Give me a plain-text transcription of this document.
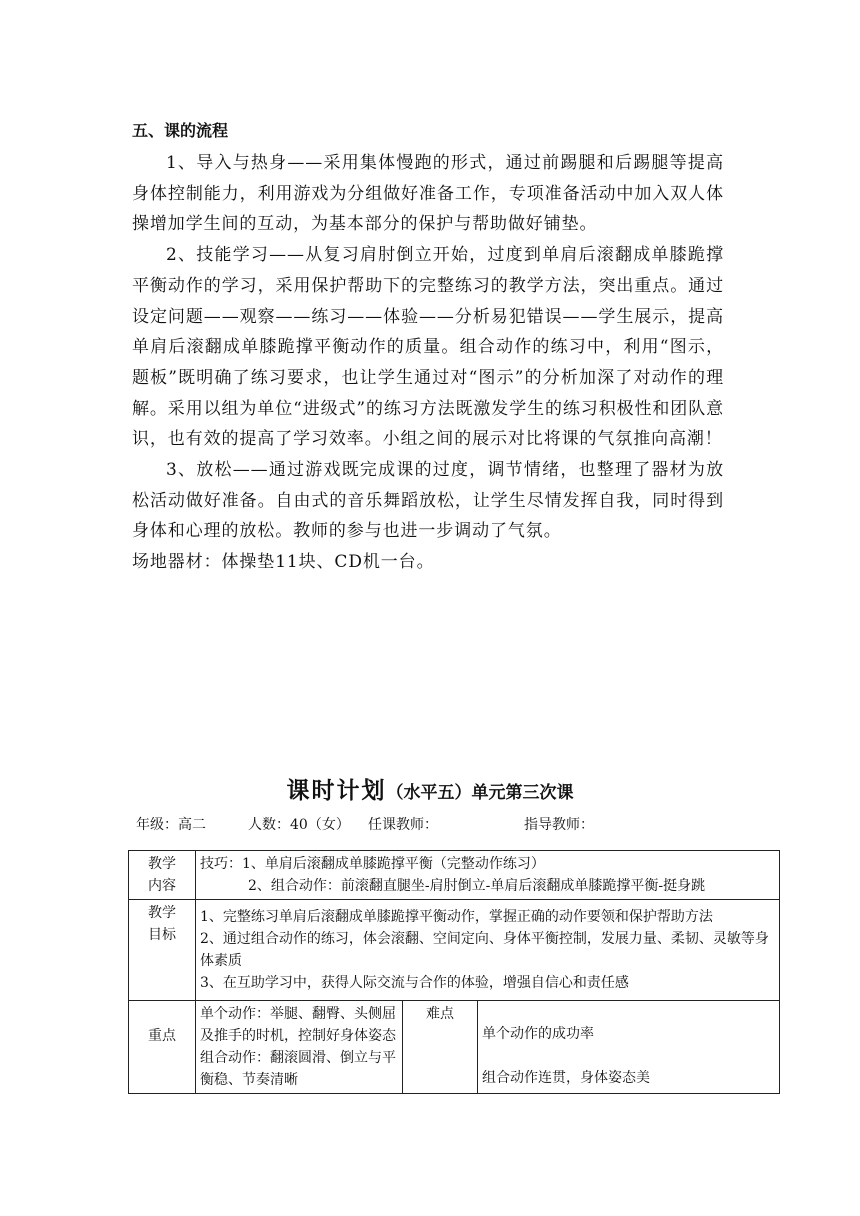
五、课的流程

1、导入与热身——采用集体慢跑的形式，通过前踢腿和后踢腿等提高身体控制能力，利用游戏为分组做好准备工作，专项准备活动中加入双人体操增加学生间的互动，为基本部分的保护与帮助做好铺垫。

2、技能学习——从复习肩肘倒立开始，过度到单肩后滚翻成单膝跪撑平衡动作的学习，采用保护帮助下的完整练习的教学方法，突出重点。通过设定问题——观察——练习——体验——分析易犯错误——学生展示，提高单肩后滚翻成单膝跪撑平衡动作的质量。组合动作的练习中，利用“图示，题板”既明确了练习要求，也让学生通过对“图示”的分析加深了对动作的理解。采用以组为单位“进级式”的练习方法既激发学生的练习积极性和团队意识，也有效的提高了学习效率。小组之间的展示对比将课的气氛推向高潮！

3、放松——通过游戏既完成课的过度，调节情绪，也整理了器材为放松活动做好准备。自由式的音乐舞蹈放松，让学生尽情发挥自我，同时得到身体和心理的放松。教师的参与也进一步调动了气氛。

场地器材：体操垫11块、CD机一台。

课时计划（水平五）单元第三次课
年级：高二	人数：40（女） 任课教师：	指导教师：
教学
内容	技巧：1、单肩后滚翻成单膝跪撑平衡（完整动作练习）
2、组合动作：前滚翻直腿坐-肩肘倒立-单肩后滚翻成单膝跪撑平衡-挺身跳		

教学
目标	1、完整练习单肩后滚翻成单膝跪撑平衡动作，掌握正确的动作要领和保护帮助方法
2、通过组合动作的练习，体会滚翻、空间定向、身体平衡控制，发展力量、柔韧、灵敏等身体素质
3、在互助学习中，获得人际交流与合作的体验，增强自信心和责任感		

重点	单个动作：举腿、翻臀、头侧屈及推手的时机，控制好身体姿态
组合动作：翻滚圆滑、倒立与平衡稳、节奏清晰	难点	单个动作的成功率
组合动作连贯，身体姿态美
